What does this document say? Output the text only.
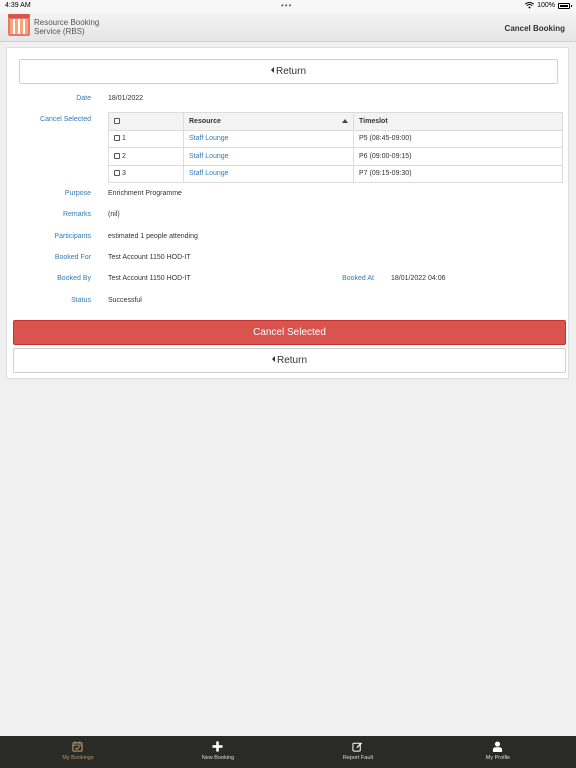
4:39 AM	•••	100%
Resource Booking
Service (RBS)	Cancel Booking
Return
Date 18/01/2022
Cancel Selected
		Resource	Timeslot
1	Staff Lounge	P5 (08:45-09:00)
2	Staff Lounge	P6 (09:00-09:15)
3	Staff Lounge	P7 (09:15-09:30)
Purpose Enrichment Programme
Remarks (nil)
Participants estimated 1 people attending
Booked For Test Account 1150 HOD-IT
Booked By Test Account 1150 HOD-IT	Booked At 18/01/2022 04:06
Status Successful
Cancel Selected
Return
My Bookings	New Booking	Report Fault	My Profile
